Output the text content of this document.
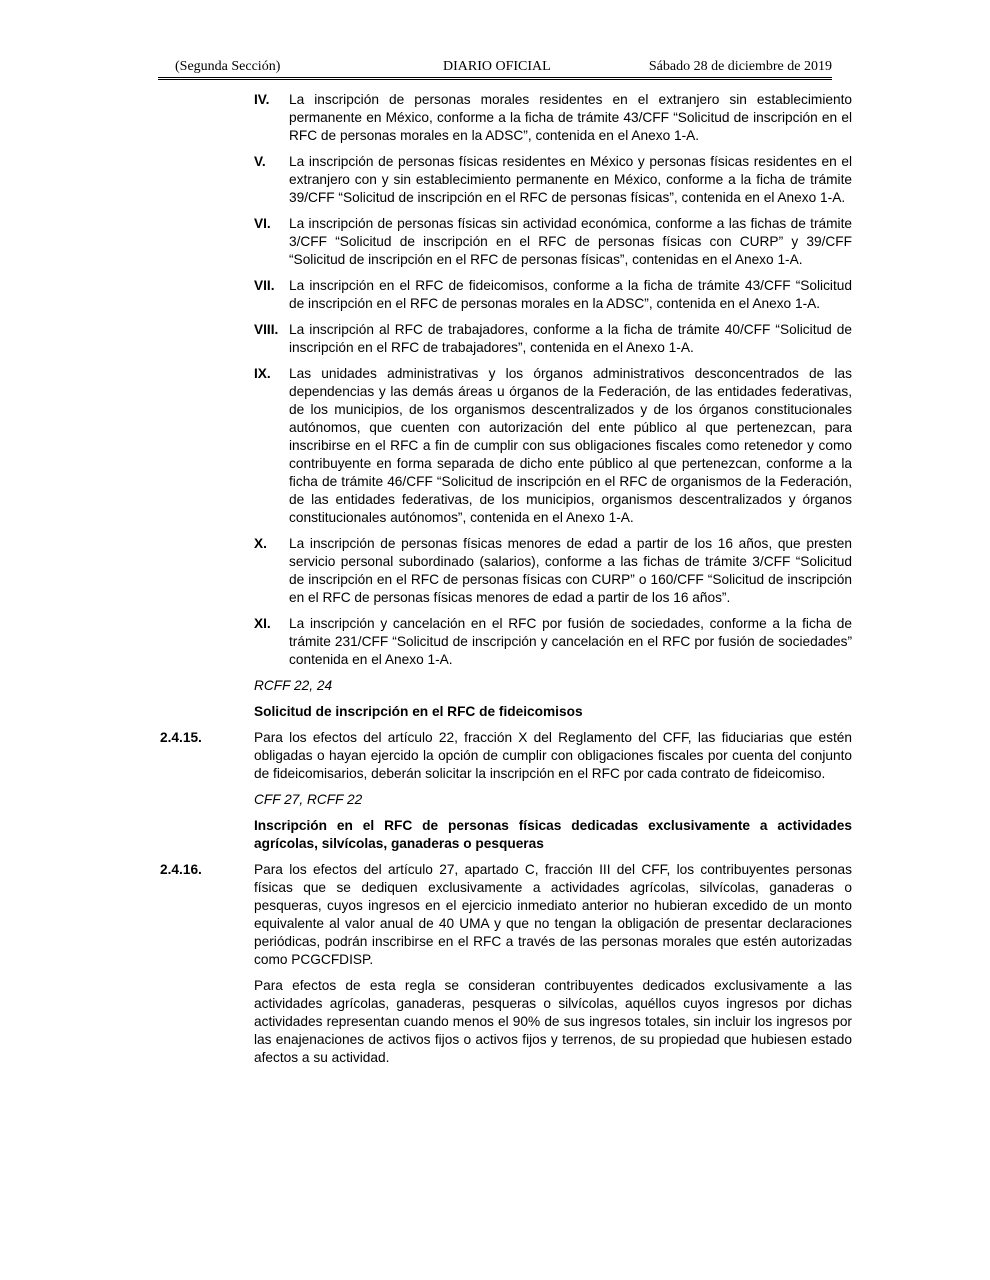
(Segunda Sección)	DIARIO OFICIAL	Sábado 28 de diciembre de 2019
IV. La inscripción de personas morales residentes en el extranjero sin establecimiento permanente en México, conforme a la ficha de trámite 43/CFF “Solicitud de inscripción en el RFC de personas morales en la ADSC”, contenida en el Anexo 1-A.
V. La inscripción de personas físicas residentes en México y personas físicas residentes en el extranjero con y sin establecimiento permanente en México, conforme a la ficha de trámite 39/CFF “Solicitud de inscripción en el RFC de personas físicas”, contenida en el Anexo 1-A.
VI. La inscripción de personas físicas sin actividad económica, conforme a las fichas de trámite 3/CFF “Solicitud de inscripción en el RFC de personas físicas con CURP” y 39/CFF “Solicitud de inscripción en el RFC de personas físicas”, contenidas en el Anexo 1-A.
VII. La inscripción en el RFC de fideicomisos, conforme a la ficha de trámite 43/CFF “Solicitud de inscripción en el RFC de personas morales en la ADSC”, contenida en el Anexo 1-A.
VIII. La inscripción al RFC de trabajadores, conforme a la ficha de trámite 40/CFF “Solicitud de inscripción en el RFC de trabajadores”, contenida en el Anexo 1-A.
IX. Las unidades administrativas y los órganos administrativos desconcentrados de las dependencias y las demás áreas u órganos de la Federación, de las entidades federativas, de los municipios, de los organismos descentralizados y de los órganos constitucionales autónomos, que cuenten con autorización del ente público al que pertenezcan, para inscribirse en el RFC a fin de cumplir con sus obligaciones fiscales como retenedor y como contribuyente en forma separada de dicho ente público al que pertenezcan, conforme a la ficha de trámite 46/CFF “Solicitud de inscripción en el RFC de organismos de la Federación, de las entidades federativas, de los municipios, organismos descentralizados y órganos constitucionales autónomos”, contenida en el Anexo 1-A.
X. La inscripción de personas físicas menores de edad a partir de los 16 años, que presten servicio personal subordinado (salarios), conforme a las fichas de trámite 3/CFF “Solicitud de inscripción en el RFC de personas físicas con CURP” o 160/CFF “Solicitud de inscripción en el RFC de personas físicas menores de edad a partir de los 16 años”.
XI. La inscripción y cancelación en el RFC por fusión de sociedades, conforme a la ficha de trámite 231/CFF “Solicitud de inscripción y cancelación en el RFC por fusión de sociedades” contenida en el Anexo 1-A.
RCFF 22, 24
Solicitud de inscripción en el RFC de fideicomisos
2.4.15.	Para los efectos del artículo 22, fracción X del Reglamento del CFF, las fiduciarias que estén obligadas o hayan ejercido la opción de cumplir con obligaciones fiscales por cuenta del conjunto de fideicomisarios, deberán solicitar la inscripción en el RFC por cada contrato de fideicomiso.
CFF 27, RCFF 22
Inscripción en el RFC de personas físicas dedicadas exclusivamente a actividades agrícolas, silvícolas, ganaderas o pesqueras
2.4.16.	Para los efectos del artículo 27, apartado C, fracción III del CFF, los contribuyentes personas físicas que se dediquen exclusivamente a actividades agrícolas, silvícolas, ganaderas o pesqueras, cuyos ingresos en el ejercicio inmediato anterior no hubieran excedido de un monto equivalente al valor anual de 40 UMA y que no tengan la obligación de presentar declaraciones periódicas, podrán inscribirse en el RFC a través de las personas morales que estén autorizadas como PCGCFDISP.
Para efectos de esta regla se consideran contribuyentes dedicados exclusivamente a las actividades agrícolas, ganaderas, pesqueras o silvícolas, aquéllos cuyos ingresos por dichas actividades representan cuando menos el 90% de sus ingresos totales, sin incluir los ingresos por las enajenaciones de activos fijos o activos fijos y terrenos, de su propiedad que hubiesen estado afectos a su actividad.
